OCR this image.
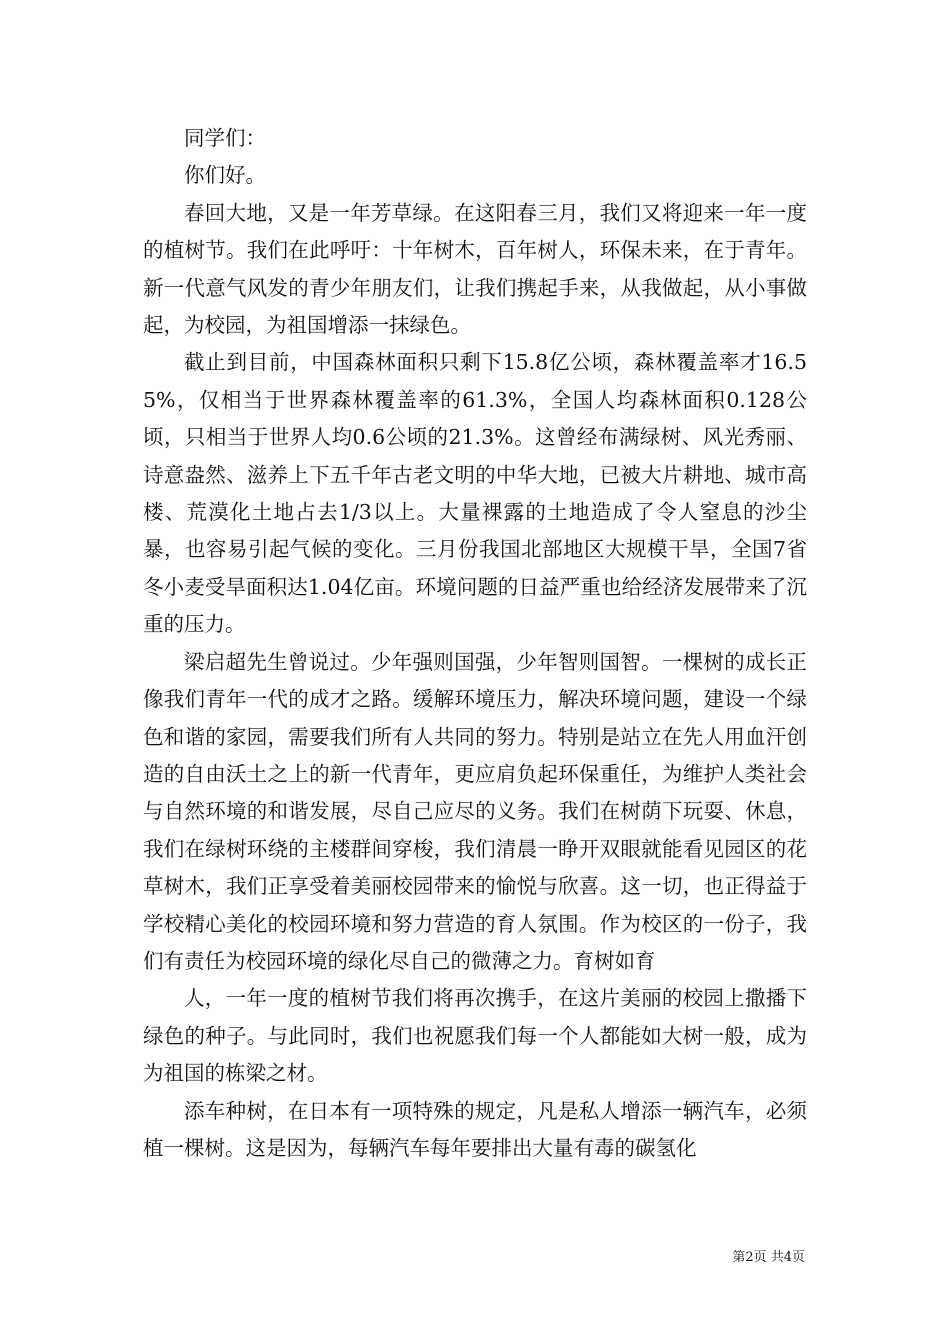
同学们：

你们好。

春回大地，又是一年芳草绿。在这阳春三月，我们又将迎来一年一度的植树节。我们在此呼吁：十年树木，百年树人，环保未来，在于青年。新一代意气风发的青少年朋友们，让我们携起手来，从我做起，从小事做起，为校园，为祖国增添一抹绿色。

截止到目前，中国森林面积只剩下15.8亿公顷，森林覆盖率才16.55%，仅相当于世界森林覆盖率的61.3%，全国人均森林面积0.128公顷，只相当于世界人均0.6公顷的21.3%。这曾经布满绿树、风光秀丽、诗意盎然、滋养上下五千年古老文明的中华大地，已被大片耕地、城市高楼、荒漠化土地占去1/3以上。大量裸露的土地造成了令人窒息的沙尘暴，也容易引起气候的变化。三月份我国北部地区大规模干旱，全国7省冬小麦受旱面积达1.04亿亩。环境问题的日益严重也给经济发展带来了沉重的压力。

梁启超先生曾说过。少年强则国强，少年智则国智。一棵树的成长正像我们青年一代的成才之路。缓解环境压力，解决环境问题，建设一个绿色和谐的家园，需要我们所有人共同的努力。特别是站立在先人用血汗创造的自由沃土之上的新一代青年，更应肩负起环保重任，为维护人类社会与自然环境的和谐发展，尽自己应尽的义务。我们在树荫下玩耍、休息，我们在绿树环绕的主楼群间穿梭，我们清晨一睁开双眼就能看见园区的花草树木，我们正享受着美丽校园带来的愉悦与欣喜。这一切，也正得益于学校精心美化的校园环境和努力营造的育人氛围。作为校区的一份子，我们有责任为校园环境的绿化尽自己的微薄之力。育树如育

人，一年一度的植树节我们将再次携手，在这片美丽的校园上撒播下绿色的种子。与此同时，我们也祝愿我们每一个人都能如大树一般，成为为祖国的栋梁之材。

添车种树，在日本有一项特殊的规定，凡是私人增添一辆汽车，必须植一棵树。这是因为，每辆汽车每年要排出大量有毒的碳氢化

第2页 共4页
